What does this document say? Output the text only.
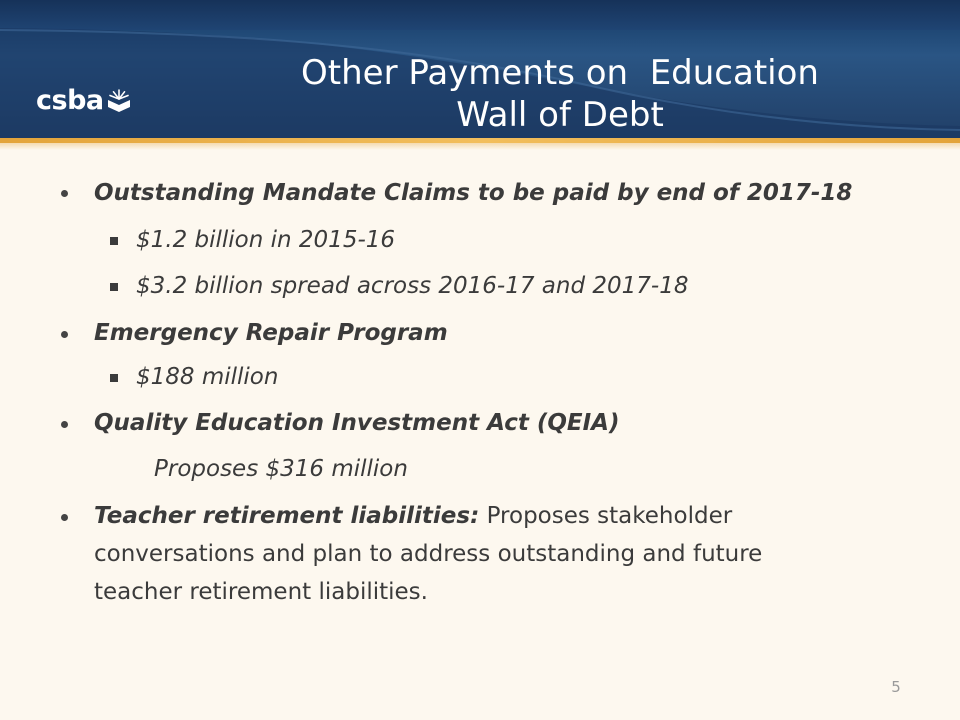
csba
Other Payments on  Education
Wall of Debt
Outstanding Mandate Claims to be paid by end of 2017-18
$1.2 billion in 2015-16
$3.2 billion spread across 2016-17 and 2017-18
Emergency Repair Program
$188 million
Quality Education Investment Act (QEIA)
Proposes $316 million
Teacher retirement liabilities: Proposes stakeholder
conversations and plan to address outstanding and future
teacher retirement liabilities.
5
